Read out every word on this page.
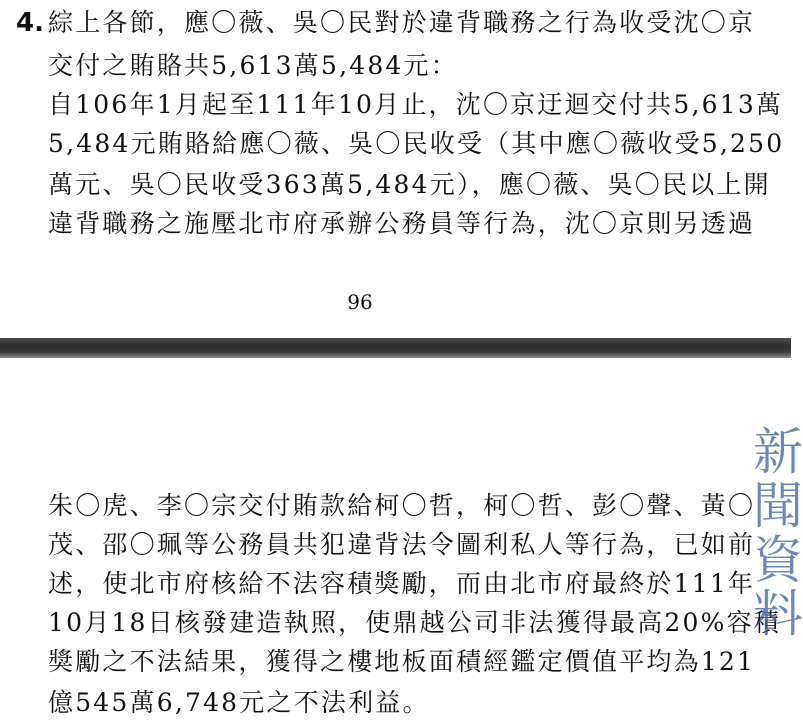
4. 綜上各節，應〇薇、吳〇民對於違背職務之行為收受沈〇京
交付之賄賂共5,613萬5,484元：
自106年1月起至111年10月止，沈〇京迂迴交付共5,613萬
5,484元賄賂給應〇薇、吳〇民收受（其中應〇薇收受5,250
萬元、吳〇民收受363萬5,484元），應〇薇、吳〇民以上開
違背職務之施壓北市府承辦公務員等行為，沈〇京則另透過
96
朱〇虎、李〇宗交付賄款給柯〇哲，柯〇哲、彭〇聲、黃〇
茂、邵〇珮等公務員共犯違背法令圖利私人等行為，已如前
述，使北市府核給不法容積獎勵，而由北市府最終於111年
10月18日核發建造執照，使鼎越公司非法獲得最高20%容積
獎勵之不法結果，獲得之樓地板面積經鑑定價值平均為121
億545萬6,748元之不法利益。
新聞資料
